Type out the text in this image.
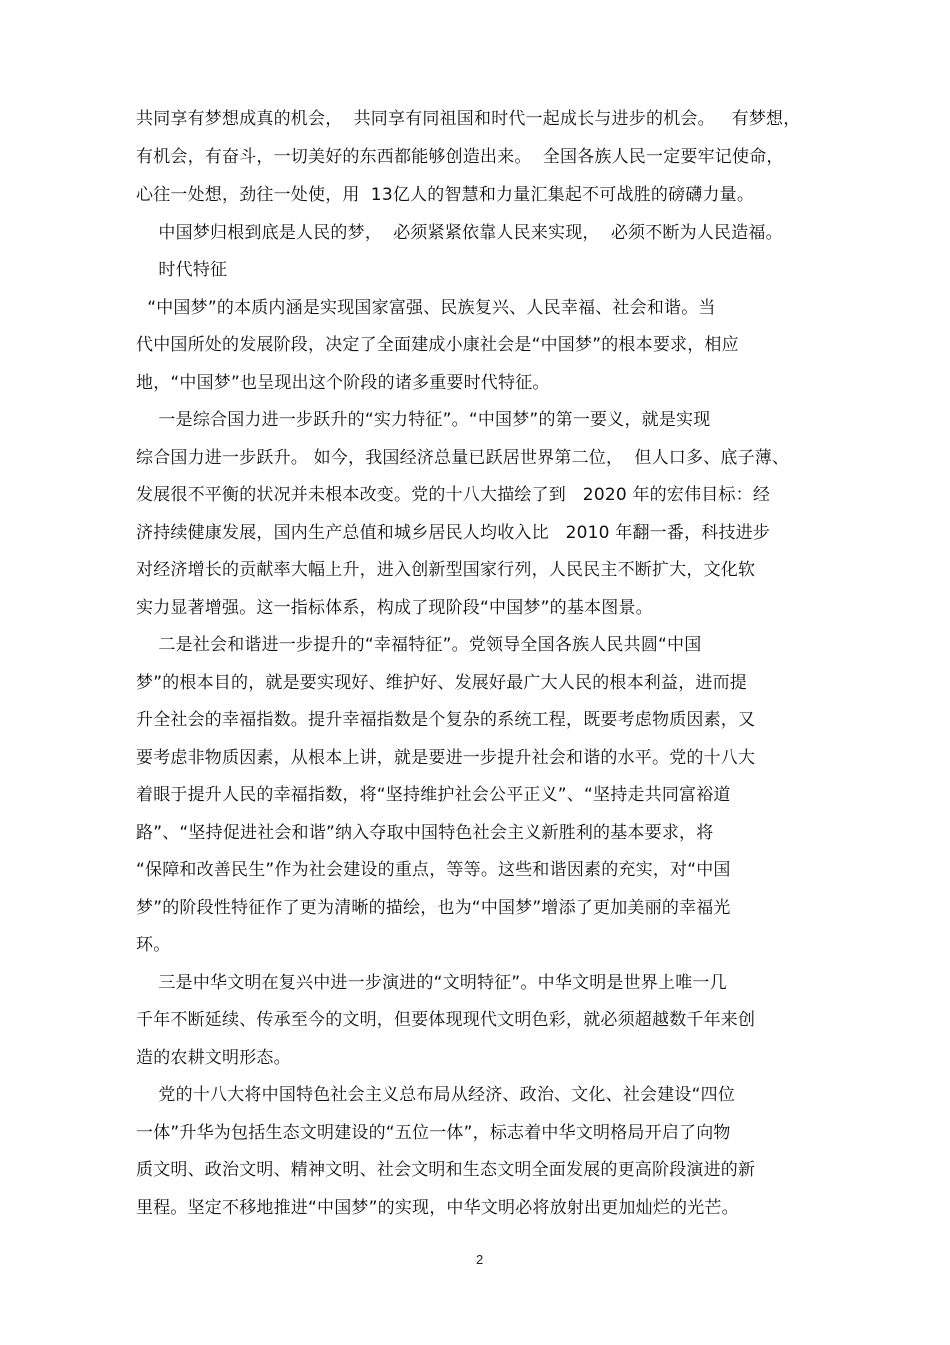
共同享有梦想成真的机会，  共同享有同祖国和时代一起成长与进步的机会。   有梦想，
有机会，有奋斗，一切美好的东西都能够创造出来。  全国各族人民一定要牢记使命，
心往一处想，劲往一处使，用  13亿人的智慧和力量汇集起不可战胜的磅礴力量。
中国梦归根到底是人民的梦，  必须紧紧依靠人民来实现，  必须不断为人民造福。
时代特征
“中国梦”的本质内涵是实现国家富强、民族复兴、人民幸福、社会和谐。当
代中国所处的发展阶段，决定了全面建成小康社会是“中国梦”的根本要求，相应
地，“中国梦”也呈现出这个阶段的诸多重要时代特征。
一是综合国力进一步跃升的“实力特征”。“中国梦”的第一要义，就是实现
综合国力进一步跃升。 如今，我国经济总量已跃居世界第二位，  但人口多、底子薄、
发展很不平衡的状况并未根本改变。党的十八大描绘了到   2020 年的宏伟目标：经
济持续健康发展，国内生产总值和城乡居民人均收入比   2010 年翻一番，科技进步
对经济增长的贡献率大幅上升，进入创新型国家行列，人民民主不断扩大，文化软
实力显著增强。这一指标体系，构成了现阶段“中国梦”的基本图景。
二是社会和谐进一步提升的“幸福特征”。党领导全国各族人民共圆“中国
梦”的根本目的，就是要实现好、维护好、发展好最广大人民的根本利益，进而提
升全社会的幸福指数。提升幸福指数是个复杂的系统工程，既要考虑物质因素，又
要考虑非物质因素，从根本上讲，就是要进一步提升社会和谐的水平。党的十八大
着眼于提升人民的幸福指数，将“坚持维护社会公平正义”、“坚持走共同富裕道
路”、“坚持促进社会和谐”纳入夺取中国特色社会主义新胜利的基本要求，将
“保障和改善民生”作为社会建设的重点，等等。这些和谐因素的充实，对“中国
梦”的阶段性特征作了更为清晰的描绘，也为“中国梦”增添了更加美丽的幸福光
环。
三是中华文明在复兴中进一步演进的“文明特征”。中华文明是世界上唯一几
千年不断延续、传承至今的文明，但要体现现代文明色彩，就必须超越数千年来创
造的农耕文明形态。
党的十八大将中国特色社会主义总布局从经济、政治、文化、社会建设“四位
一体”升华为包括生态文明建设的“五位一体”，标志着中华文明格局开启了向物
质文明、政治文明、精神文明、社会文明和生态文明全面发展的更高阶段演进的新
里程。坚定不移地推进“中国梦”的实现，中华文明必将放射出更加灿烂的光芒。
2
